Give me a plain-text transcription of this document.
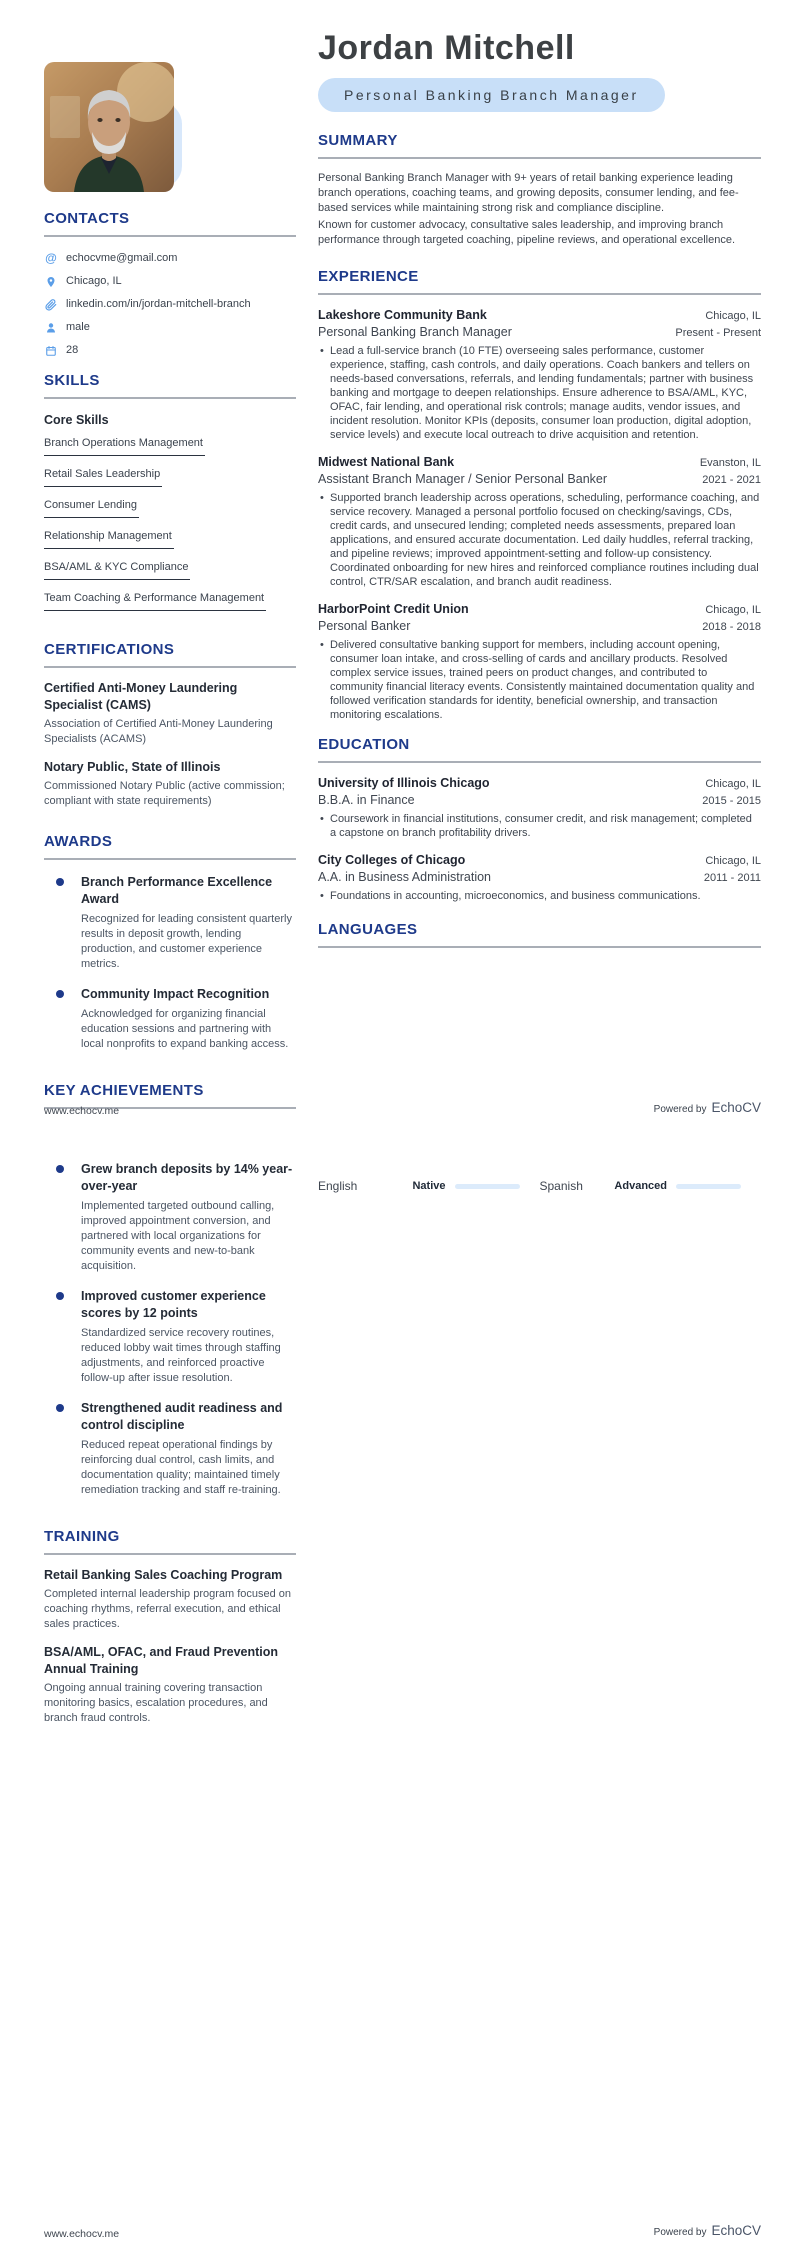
CONTACTS
@ echocvme@gmail.com
Chicago, IL
linkedin.com/in/jordan-mitchell-branch
male
28
SKILLS
Core Skills
Branch Operations Management
Retail Sales Leadership
Consumer Lending
Relationship Management
BSA/AML & KYC Compliance
Team Coaching & Performance Management
CERTIFICATIONS

Certified Anti-Money Laundering Specialist (CAMS)

Association of Certified Anti-Money Laundering Specialists (ACAMS)

Notary Public, State of Illinois

Commissioned Notary Public (active commission; compliant with state requirements)

AWARDS

Branch Performance Excellence Award

Recognized for leading consistent quarterly results in deposit growth, lending production, and customer experience metrics.

Community Impact Recognition

Acknowledged for organizing financial education sessions and partnering with local nonprofits to expand banking access.

KEY ACHIEVEMENTS
Jordan Mitchell
Personal Banking Branch Manager
SUMMARY

Personal Banking Branch Manager with 9+ years of retail banking experience leading branch operations, coaching teams, and growing deposits, consumer lending, and fee-based services while maintaining strong risk and compliance discipline.

Known for customer advocacy, consultative sales leadership, and improving branch performance through targeted coaching, pipeline reviews, and operational excellence.

EXPERIENCE
Lakeshore Community Bank	Chicago, IL
Personal Banking Branch Manager	Present - Present
• Lead a full-service branch (10 FTE) overseeing sales performance, customer experience, staffing, cash controls, and daily operations. Coach bankers and tellers on needs-based conversations, referrals, and lending fundamentals; partner with business banking and mortgage to deepen relationships. Ensure adherence to BSA/AML, KYC, OFAC, fair lending, and operational risk controls; manage audits, vendor issues, and incident resolution. Monitor KPIs (deposits, consumer loan production, digital adoption, service levels) and execute local outreach to drive acquisition and retention.
Midwest National Bank	Evanston, IL
Assistant Branch Manager / Senior Personal Banker	2021 - 2021
• Supported branch leadership across operations, scheduling, performance coaching, and service recovery. Managed a personal portfolio focused on checking/savings, CDs, credit cards, and unsecured lending; completed needs assessments, prepared loan applications, and ensured accurate documentation. Led daily huddles, referral tracking, and pipeline reviews; improved appointment-setting and follow-up consistency. Coordinated onboarding for new hires and reinforced compliance routines including dual control, CTR/SAR escalation, and branch audit readiness.
HarborPoint Credit Union	Chicago, IL
Personal Banker	2018 - 2018
• Delivered consultative banking support for members, including account opening, consumer loan intake, and cross-selling of cards and ancillary products. Resolved complex service issues, trained peers on product changes, and contributed to community financial literacy events. Consistently maintained documentation quality and followed verification standards for identity, beneficial ownership, and transaction monitoring escalations.
EDUCATION
University of Illinois Chicago	Chicago, IL
B.B.A. in Finance	2015 - 2015
• Coursework in financial institutions, consumer credit, and risk management; completed a capstone on branch profitability drivers.
City Colleges of Chicago	Chicago, IL
A.A. in Business Administration	2011 - 2011
• Foundations in accounting, microeconomics, and business communications.
LANGUAGES
www.echocv.me	Powered by EchoCV

Grew branch deposits by 14% year-over-year

Implemented targeted outbound calling, improved appointment conversion, and partnered with local organizations for community events and new-to-bank acquisition.

Improved customer experience scores by 12 points

Standardized service recovery routines, reduced lobby wait times through staffing adjustments, and reinforced proactive follow-up after issue resolution.

Strengthened audit readiness and control discipline

Reduced repeat operational findings by reinforcing dual control, cash limits, and documentation quality; maintained timely remediation tracking and staff re-training.

TRAINING

Retail Banking Sales Coaching Program

Completed internal leadership program focused on coaching rhythms, referral execution, and ethical sales practices.

BSA/AML, OFAC, and Fraud Prevention Annual Training

Ongoing annual training covering transaction monitoring basics, escalation procedures, and branch fraud controls.

English	Native	Spanish	Advanced
www.echocv.me	Powered by EchoCV
